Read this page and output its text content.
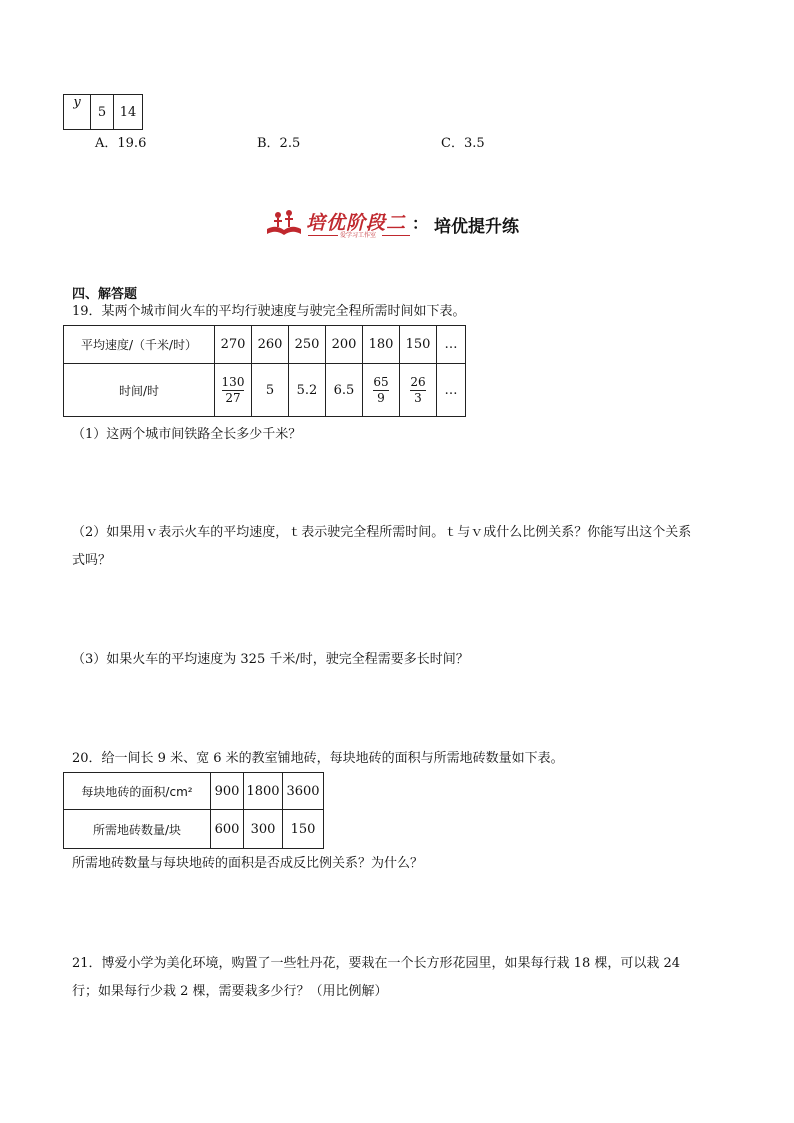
y	5	14
A．19.6	B．2.5	C．3.5
培优阶段二
爱学习工作室
： 培优提升练
四、解答题
19．某两个城市间火车的平均行驶速度与驶完全程所需时间如下表。
平均速度/（千米/时）	270	260	250	200	180	150	…
时间/时	$\frac{130}{27}$	5	5.2	6.5	$\frac{65}{9}$	$\frac{26}{3}$	…
（1）这两个城市间铁路全长多少千米？
（2）如果用ｖ表示火车的平均速度，ｔ表示驶完全程所需时间。ｔ与ｖ成什么比例关系？你能写出这个关系
式吗？
（3）如果火车的平均速度为 325 千米/时，驶完全程需要多长时间？
20．给一间长 9 米、宽 6 米的教室铺地砖，每块地砖的面积与所需地砖数量如下表。
每块地砖的面积/cm²	900	1800	3600
所需地砖数量/块	600	300	150
所需地砖数量与每块地砖的面积是否成反比例关系？为什么？
21．博爱小学为美化环境，购置了一些牡丹花，要栽在一个长方形花园里，如果每行栽 18 棵，可以栽 24
行；如果每行少栽 2 棵，需要栽多少行？（用比例解）
